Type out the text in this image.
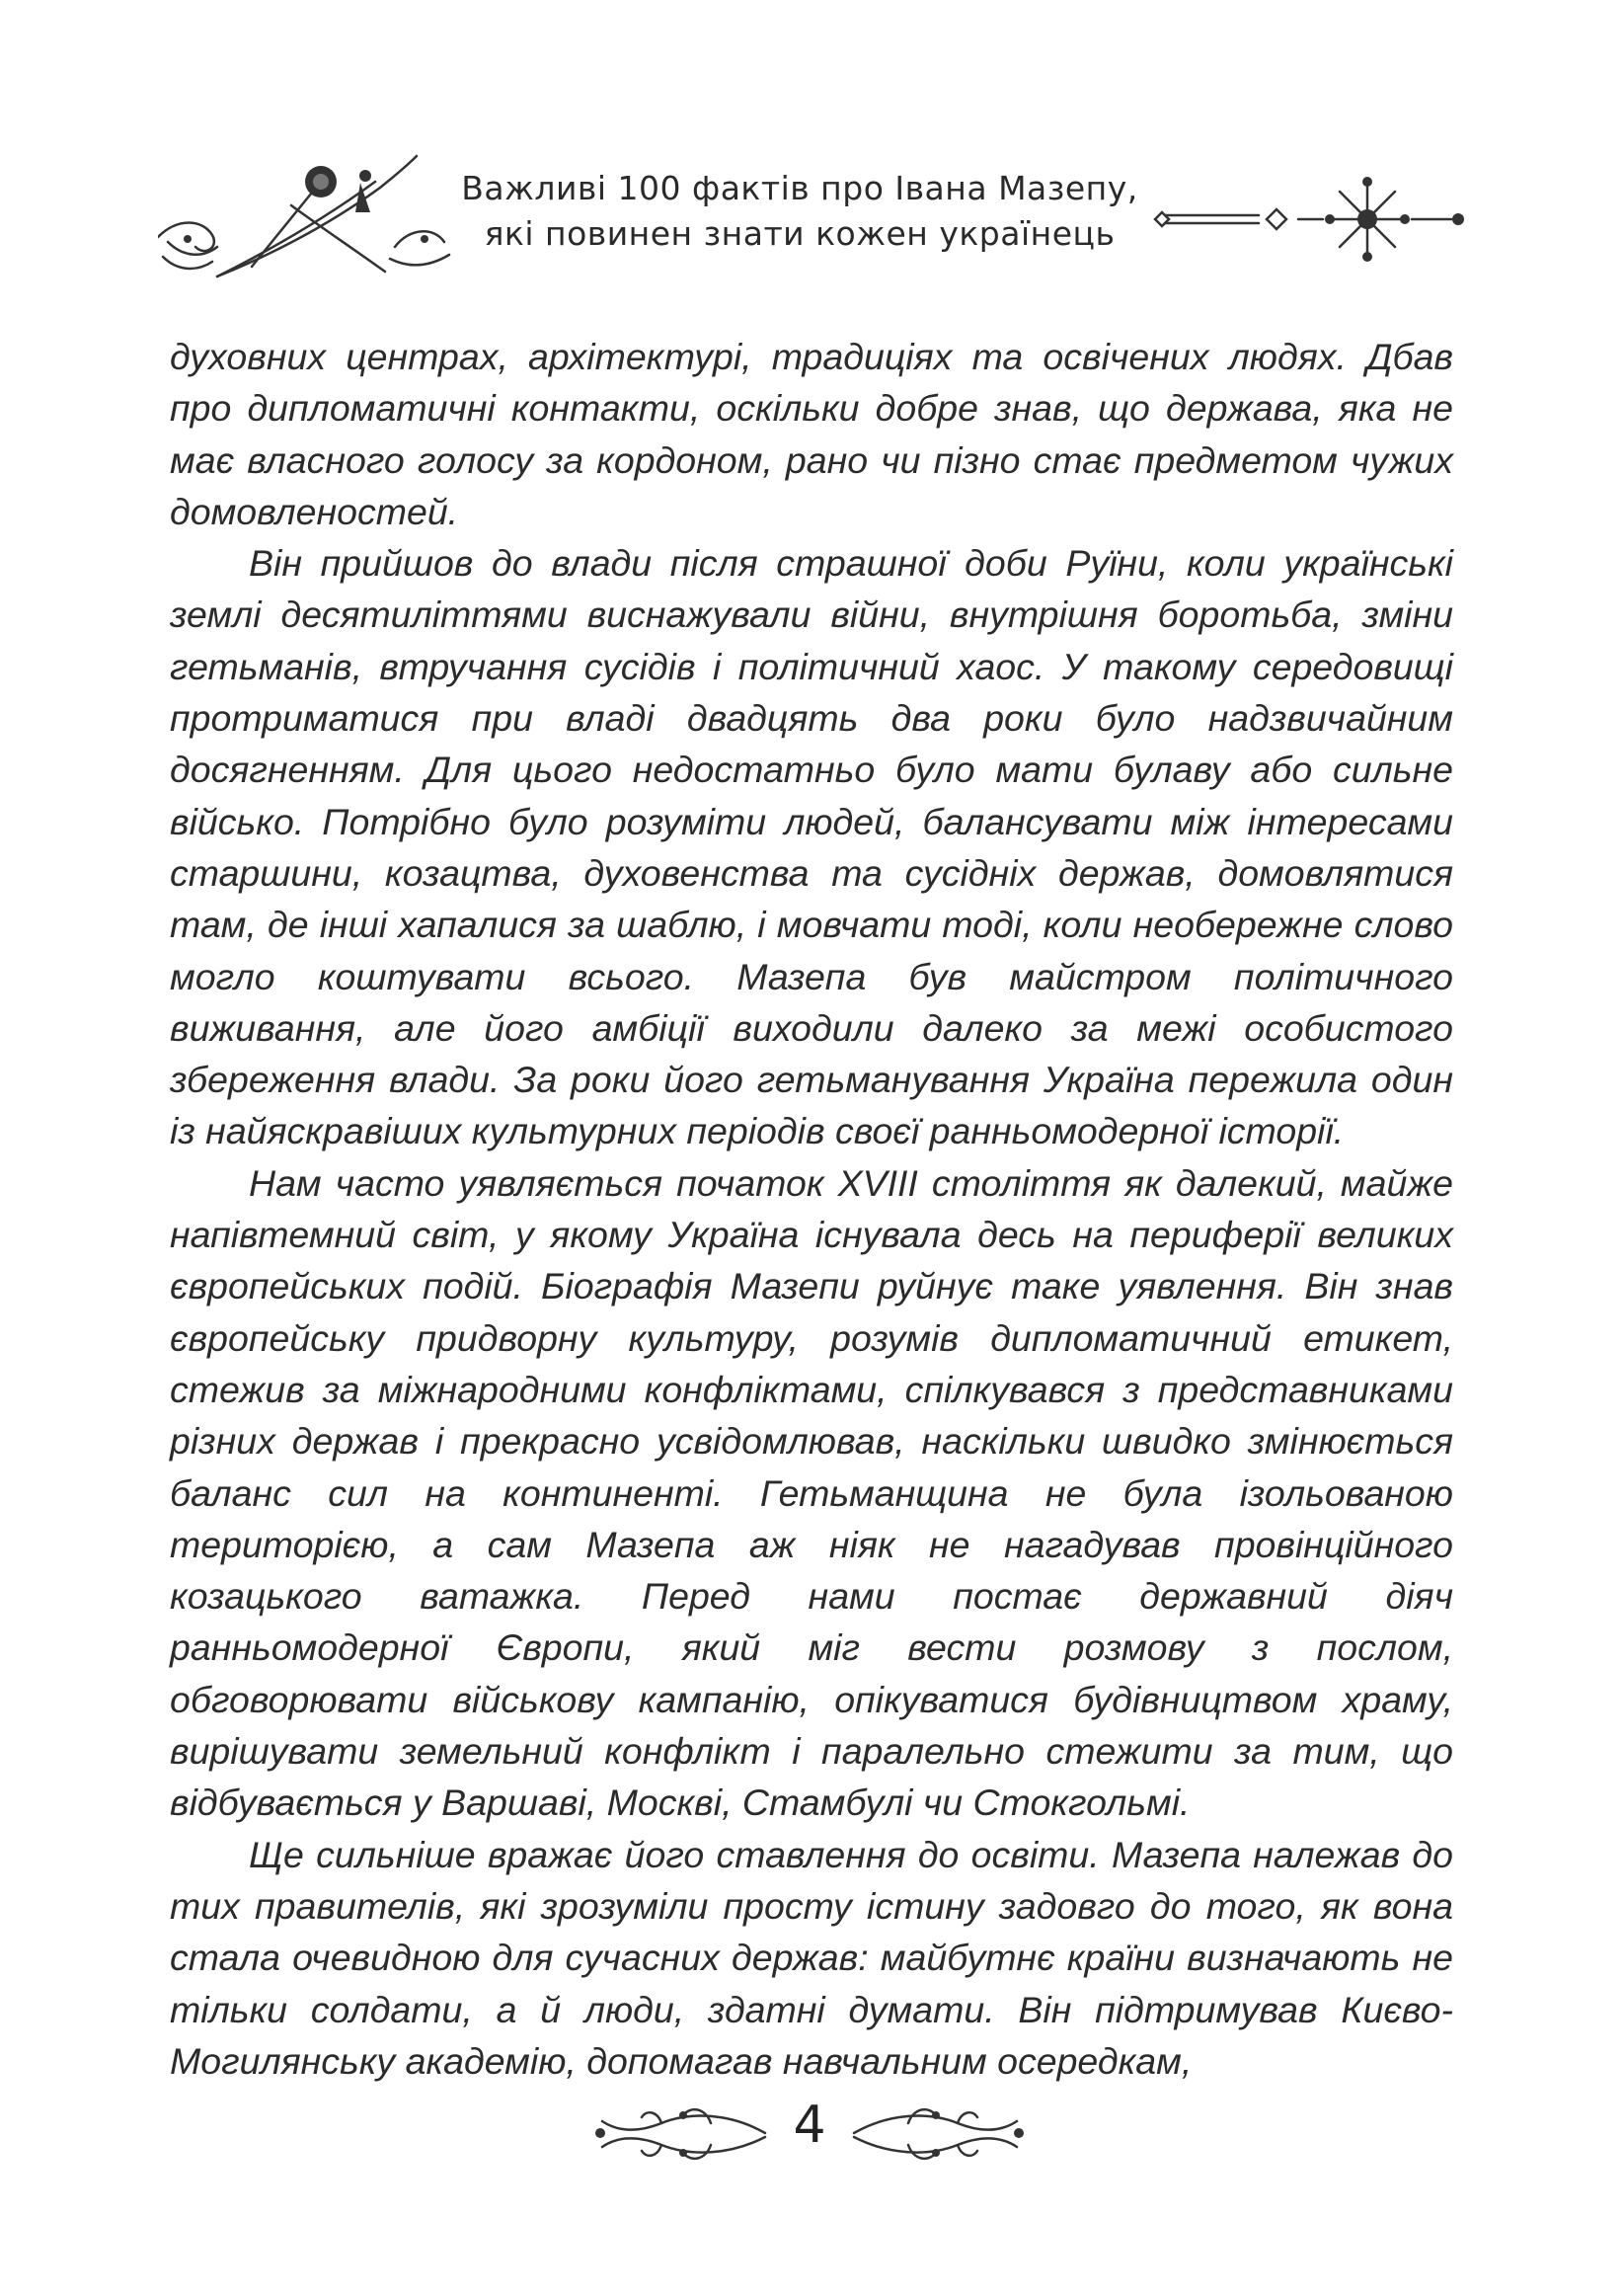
Важливі 100 фактів про Івана Мазепу,
які повинен знати кожен українець

духовних центрах, архітектурі, традиціях та освічених людях. Дбав про дипломатичні контакти, оскільки добре знав, що держава, яка не має власного голосу за кордоном, рано чи пізно стає предметом чужих домовленостей.

Він прийшов до влади після страшної доби Руїни, коли українські землі десятиліттями виснажували війни, внутрішня боротьба, зміни гетьманів, втручання сусідів і політичний хаос. У такому середовищі протриматися при владі двадцять два роки було надзвичайним досягненням. Для цього недостатньо було мати булаву або сильне військо. Потрібно було розуміти людей, балансувати між інтересами старшини, козацтва, духовенства та сусідніх держав, домовлятися там, де інші хапалися за шаблю, і мовчати тоді, коли необережне слово могло коштувати всього. Мазепа був майстром політичного виживання, але його амбіції виходили далеко за межі особистого збереження влади. За роки його гетьманування Україна пережила один із найяскравіших культурних періодів своєї ранньомодерної історії.

Нам часто уявляється початок XVIII століття як далекий, майже напівтемний світ, у якому Україна існувала десь на периферії великих європейських подій. Біографія Мазепи руйнує таке уявлення. Він знав європейську придворну культуру, розумів дипломатичний етикет, стежив за міжнародними конфліктами, спілкувався з представниками різних держав і прекрасно усвідомлював, наскільки швидко змінюється баланс сил на континенті. Гетьманщина не була ізольованою територією, а сам Мазепа аж ніяк не нагадував провінційного козацького ватажка. Перед нами постає державний діяч ранньомодерної Європи, який міг вести розмову з послом, обговорювати військову кампанію, опікуватися будівництвом храму, вирішувати земельний конфлікт і паралельно стежити за тим, що відбувається у Варшаві, Москві, Стамбулі чи Стокгольмі.

Ще сильніше вражає його ставлення до освіти. Мазепа належав до тих правителів, які зрозуміли просту істину задовго до того, як вона стала очевидною для сучасних держав: майбутнє країни визначають не тільки солдати, а й люди, здатні думати. Він підтримував Києво-Могилянську академію, допомагав навчальним осередкам,

4
